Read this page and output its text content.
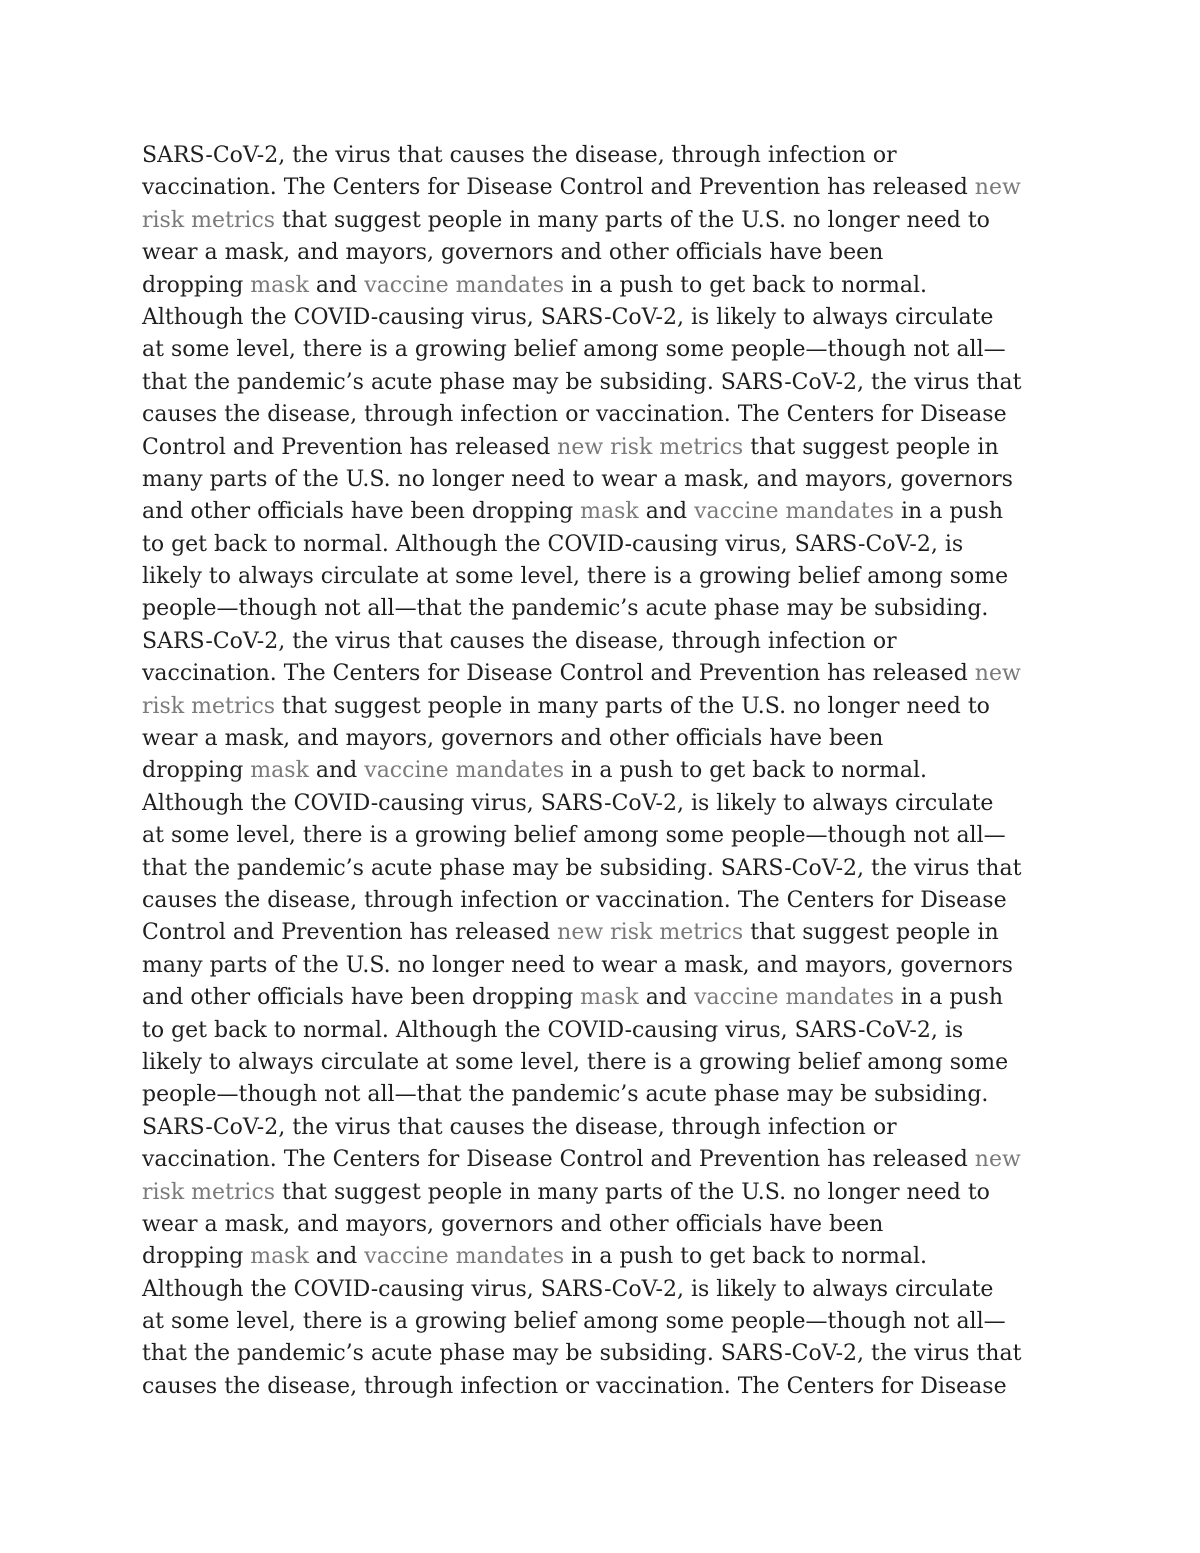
SARS-CoV-2, the virus that causes the disease, through infection or
vaccination. The Centers for Disease Control and Prevention has released new
risk metrics that suggest people in many parts of the U.S. no longer need to
wear a mask, and mayors, governors and other officials have been
dropping mask and vaccine mandates in a push to get back to normal.
Although the COVID-causing virus, SARS-CoV-2, is likely to always circulate
at some level, there is a growing belief among some people—though not all—
that the pandemic’s acute phase may be subsiding. SARS-CoV-2, the virus that
causes the disease, through infection or vaccination. The Centers for Disease
Control and Prevention has released new risk metrics that suggest people in
many parts of the U.S. no longer need to wear a mask, and mayors, governors
and other officials have been dropping mask and vaccine mandates in a push
to get back to normal. Although the COVID-causing virus, SARS-CoV-2, is
likely to always circulate at some level, there is a growing belief among some
people—though not all—that the pandemic’s acute phase may be subsiding.
SARS-CoV-2, the virus that causes the disease, through infection or
vaccination. The Centers for Disease Control and Prevention has released new
risk metrics that suggest people in many parts of the U.S. no longer need to
wear a mask, and mayors, governors and other officials have been
dropping mask and vaccine mandates in a push to get back to normal.
Although the COVID-causing virus, SARS-CoV-2, is likely to always circulate
at some level, there is a growing belief among some people—though not all—
that the pandemic’s acute phase may be subsiding. SARS-CoV-2, the virus that
causes the disease, through infection or vaccination. The Centers for Disease
Control and Prevention has released new risk metrics that suggest people in
many parts of the U.S. no longer need to wear a mask, and mayors, governors
and other officials have been dropping mask and vaccine mandates in a push
to get back to normal. Although the COVID-causing virus, SARS-CoV-2, is
likely to always circulate at some level, there is a growing belief among some
people—though not all—that the pandemic’s acute phase may be subsiding.
SARS-CoV-2, the virus that causes the disease, through infection or
vaccination. The Centers for Disease Control and Prevention has released new
risk metrics that suggest people in many parts of the U.S. no longer need to
wear a mask, and mayors, governors and other officials have been
dropping mask and vaccine mandates in a push to get back to normal.
Although the COVID-causing virus, SARS-CoV-2, is likely to always circulate
at some level, there is a growing belief among some people—though not all—
that the pandemic’s acute phase may be subsiding. SARS-CoV-2, the virus that
causes the disease, through infection or vaccination. The Centers for Disease
